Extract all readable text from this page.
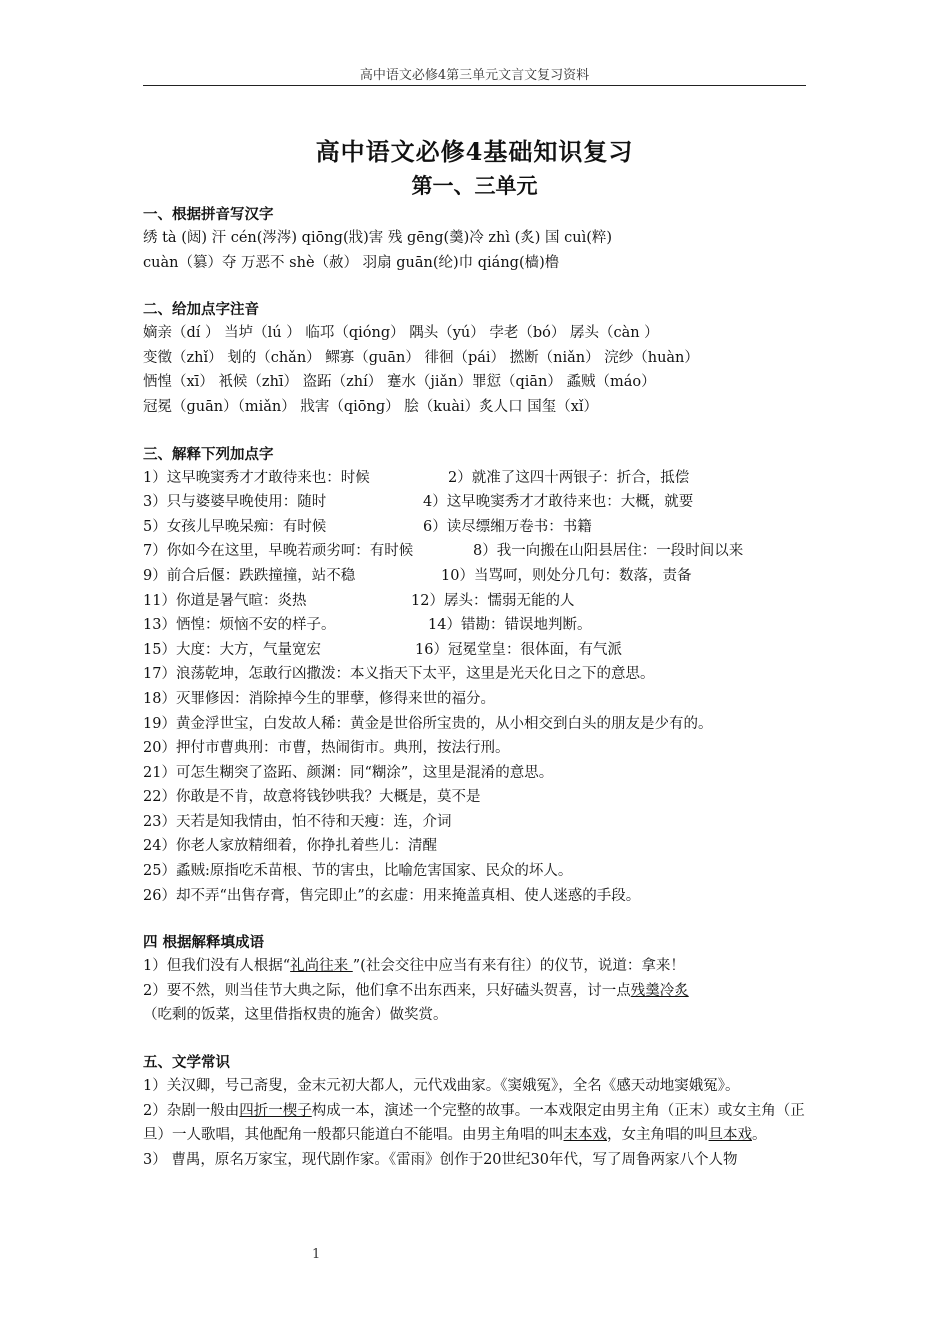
高中语文必修4第三单元文言文复习资料
高中语文必修4基础知识复习
第一、三单元
一、根据拼音写汉字
绣 tà (闼) 汗 cén(涔涔) qiōng(戕)害 残 ɡēng(羹)冷 zhì (炙) 国 cuì(粹)
cuàn（篡）夺 万恶不 shè（赦） 羽扇 guān(纶)巾 qiáng(樯)橹
二、给加点字注音
嫡亲（dí ） 当垆（lú ） 临邛（qióng） 隅头（yú） 孛老（bó） 孱头（càn ）
变徵（zhǐ） 刬的（chǎn） 鳏寡（ɡuān） 徘徊（pái） 撚断（niǎn） 浣纱（huàn）
恓惶（xī） 衹候（zhī） 盗跖（zhí） 蹇水（jiǎn）罪愆（qiān） 蟊贼（máo）
冠冕（ɡuān）（miǎn） 戕害（qiōnɡ） 脍（kuài）炙人口 国玺（xǐ）
三、解释下列加点字
1）这早晚窦秀才才敢待来也：时候	2）就准了这四十两银子：折合，抵偿
3）只与婆婆早晚使用：随时	4）这早晚窦秀才才敢待来也：大概，就要
5）女孩儿早晚呆痴：有时候	6）读尽缥缃万卷书：书籍
7）你如今在这里，早晚若顽劣呵：有时候	8）我一向搬在山阳县居住：一段时间以来
9）前合后偃：跌跌撞撞，站不稳	10）当骂呵，则处分几句：数落，责备
11）你道是暑气暄：炎热	12）孱头：懦弱无能的人
13）恓惶：烦恼不安的样子。	14）错勘：错误地判断。
15）大度：大方，气量宽宏	16）冠冕堂皇：很体面，有气派
17）浪荡乾坤，怎敢行凶撒泼：本义指天下太平，这里是光天化日之下的意思。
18）灭罪修因：消除掉今生的罪孽，修得来世的福分。
19）黄金浮世宝，白发故人稀：黄金是世俗所宝贵的，从小相交到白头的朋友是少有的。
20）押付市曹典刑：市曹，热闹街市。典刑，按法行刑。
21）可怎生糊突了盗跖、颜渊：同“糊涂”，这里是混淆的意思。
22）你敢是不肯，故意将钱钞哄我？大概是，莫不是
23）天若是知我情由，怕不待和天瘦：连，介词
24）你老人家放精细着，你挣扎着些儿：清醒
25）蟊贼:原指吃禾苗根、节的害虫，比喻危害国家、民众的坏人。
26）却不弄“出售存膏，售完即止”的玄虚：用来掩盖真相、使人迷惑的手段。
四 根据解释填成语
1）但我们没有人根据“礼尚往来 ”(社会交往中应当有来有往）的仪节，说道：拿来！
2）要不然，则当佳节大典之际，他们拿不出东西来，只好磕头贺喜，讨一点残羹冷炙
（吃剩的饭菜，这里借指权贵的施舍）做奖赏。
五、文学常识
1）关汉卿，号己斋叟，金末元初大都人，元代戏曲家。《窦娥冤》，全名《感天动地窦娥冤》。
2）杂剧一般由四折一楔子构成一本，演述一个完整的故事。一本戏限定由男主角（正末）或女主角（正旦）一人歌唱，其他配角一般都只能道白不能唱。由男主角唱的叫末本戏，女主角唱的叫旦本戏。
3） 曹禺，原名万家宝，现代剧作家。《雷雨》创作于20世纪30年代，写了周鲁两家八个人物
1
